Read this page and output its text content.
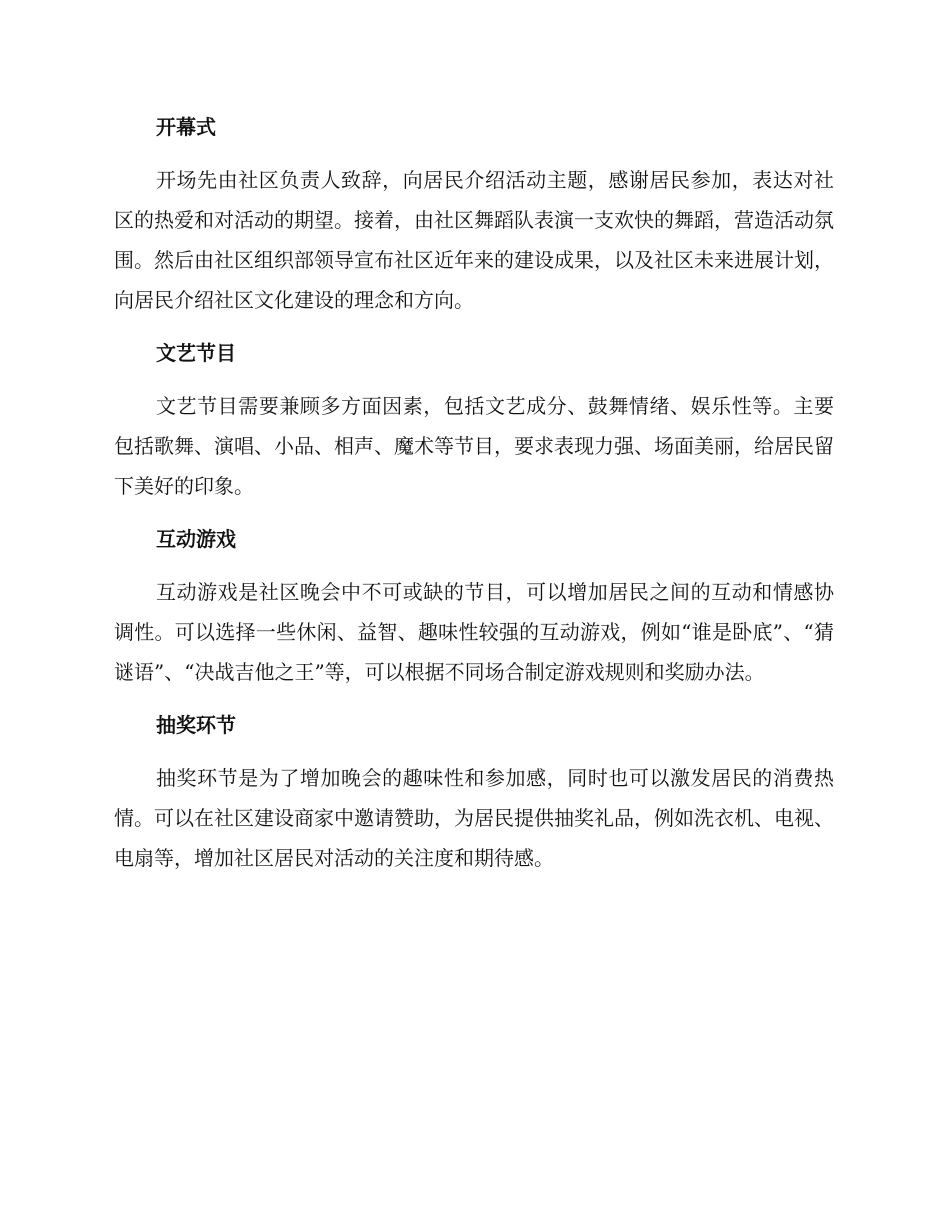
开幕式

开场先由社区负责人致辞，向居民介绍活动主题，感谢居民参加，表达对社区的热爱和对活动的期望。接着，由社区舞蹈队表演一支欢快的舞蹈，营造活动氛围。然后由社区组织部领导宣布社区近年来的建设成果，以及社区未来进展计划，向居民介绍社区文化建设的理念和方向。

文艺节目

文艺节目需要兼顾多方面因素，包括文艺成分、鼓舞情绪、娱乐性等。主要包括歌舞、演唱、小品、相声、魔术等节目，要求表现力强、场面美丽，给居民留下美好的印象。

互动游戏

互动游戏是社区晚会中不可或缺的节目，可以增加居民之间的互动和情感协调性。可以选择一些休闲、益智、趣味性较强的互动游戏，例如“谁是卧底”、“猜谜语”、“决战吉他之王”等，可以根据不同场合制定游戏规则和奖励办法。

抽奖环节

抽奖环节是为了增加晚会的趣味性和参加感，同时也可以激发居民的消费热情。可以在社区建设商家中邀请赞助，为居民提供抽奖礼品，例如洗衣机、电视、电扇等，增加社区居民对活动的关注度和期待感。
